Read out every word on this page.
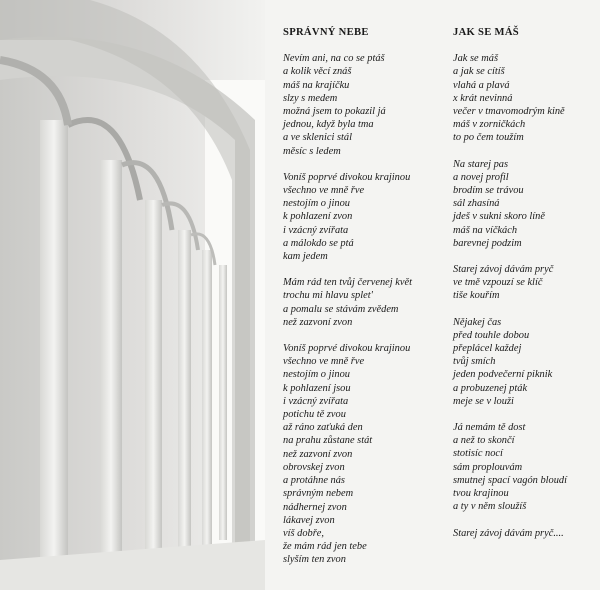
SPRÁVNÝ NEBE
Nevím ani, na co se ptáš
a kolik věcí znáš
máš na krajíčku
slzy s medem
možná jsem to pokazil já
jednou, když byla tma
a ve sklenici stál
měsíc s ledem
Voníš poprvé divokou krajinou
všechno ve mně řve
nestojím o jinou
k pohlazení zvon
i vzácný zvířata
a málokdo se ptá
kam jedem
Mám rád ten tvůj červenej květ
trochu mi hlavu splet'
a pomalu se stávám zvědem
než zazvoní zvon
Voníš poprvé divokou krajinou
všechno ve mně řve
nestojím o jinou
k pohlazení jsou
i vzácný zvířata
potichu tě zvou
až ráno zaťuká den
na prahu zůstane stát
než zazvoní zvon
obrovskej zvon
a protáhne nás
správným nebem
nádhernej zvon
lákavej zvon
víš dobře,
že mám rád jen tebe
slyším ten zvon
JAK SE MÁŠ
Jak se máš
a jak se cítíš
vlahá a plavá
x krát nevinná
večer v tmavomodrým kině
máš v zorničkách
to po čem toužím
Na starej pas
a novej profil
brodím se trávou
sál zhasíná
jdeš v sukni skoro líně
máš na víčkách
barevnej podzim
Starej závoj dávám pryč
ve tmě vzpouzí se klíč
tiše kouřím
Nějakej čas
před touhle dobou
přeplácel každej
tvůj smích
jeden podvečerní piknik
a probuzenej pták
meje se v louži
Já nemám tě dost
a než to skončí
stotisíc nocí
sám proplouvám
smutnej spací vagón bloudí
tvou krajinou
a ty v něm sloužíš
Starej závoj dávám pryč....
